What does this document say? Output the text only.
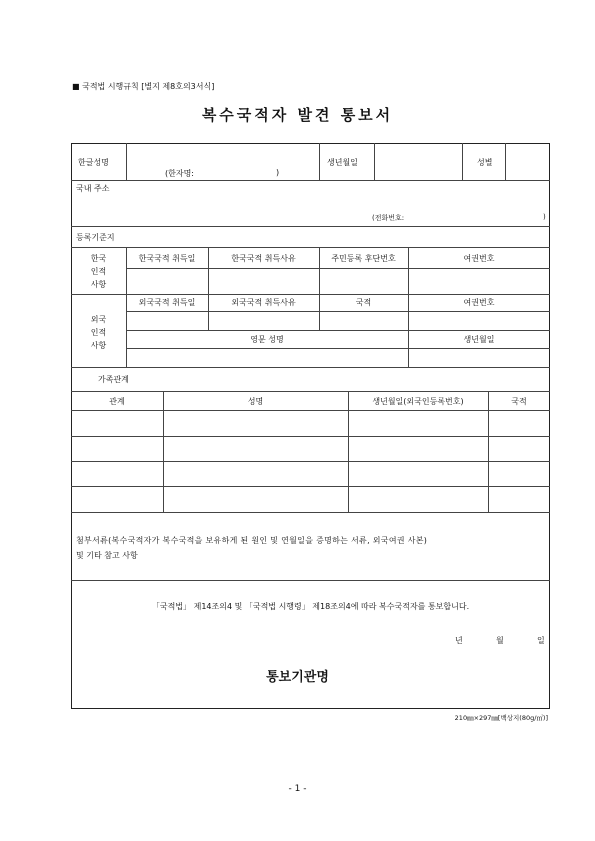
■ 국적법 시행규칙 [별지 제8호의3서식]
복수국적자 발견 통보서
한글성명
(한자명:	)
생년월일	성별
국내 주소
(전화번호:	)
등록기준지
한국
인적
사항
한국국적 취득일	한국국적 취득사유	주민등록 후단번호	여권번호
외국
인적
사항
외국국적 취득일	외국국적 취득사유	국적	여권번호
영문 성명	생년월일
가족관계
관계	성명	생년월일(외국인등록번호)	국적
첨부서류(복수국적자가 복수국적을 보유하게 된 원인 및 연월일을 증명하는 서류, 외국여권 사본)
및 기타 참고 사항
「국적법」 제14조의4 및 「국적법 시행령」 제18조의4에 따라 복수국적자를 통보합니다.
년	월	일
통보기관명
210㎜×297㎜[백상지(80g/㎡)]
- 1 -
